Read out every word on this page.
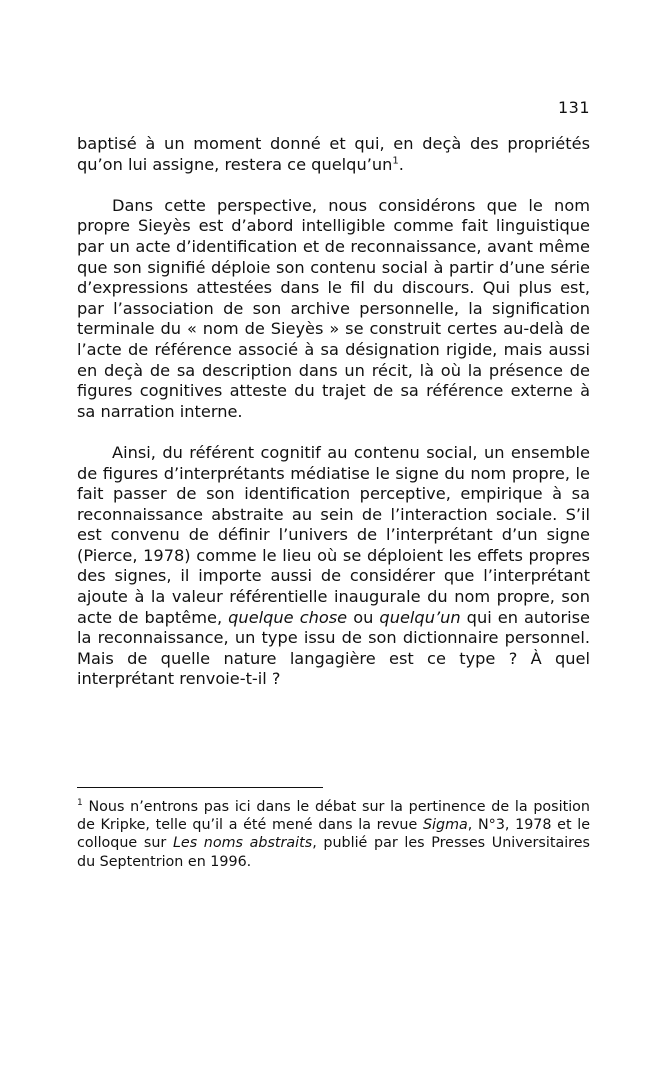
131

baptisé à un moment donné et qui, en deçà des propriétés qu’on lui assigne, restera ce $quelqu’un^1$.

Dans cette perspective, nous considérons que le nom propre Sieyès est d’abord intelligible comme fait linguistique par un acte d’identification et de reconnaissance, avant même que son signifié déploie son contenu social à partir d’une série d’expressions attestées dans le fil du discours. Qui plus est, par l’association de son archive personnelle, la signification terminale du « nom de Sieyès » se construit certes au-delà de l’acte de référence associé à sa désignation rigide, mais aussi en deçà de sa description dans un récit, là où la présence de figures cognitives atteste du trajet de sa référence externe à sa narration interne.

Ainsi, du référent cognitif au contenu social, un ensemble de figures d’interprétants médiatise le signe du nom propre, le fait passer de son identification perceptive, empirique à sa reconnaissance abstraite au sein de l’interaction sociale. S’il est convenu de définir l’univers de l’interprétant d’un signe (Pierce, 1978) comme le lieu où se déploient les effets propres des signes, il importe aussi de considérer que l’interprétant ajoute à la valeur référentielle inaugurale du nom propre, son acte de baptême, quelque chose ou quelqu’un qui en autorise la reconnaissance, un type issu de son dictionnaire personnel. Mais de quelle nature langagière est ce type ? À quel interprétant renvoie-t-il ?

$^1$ Nous n’entrons pas ici dans le débat sur la pertinence de la position de Kripke, telle qu’il a été mené dans la revue Sigma, N°3, 1978 et le colloque sur Les noms abstraits, publié par les Presses Universitaires du Septentrion en 1996.
